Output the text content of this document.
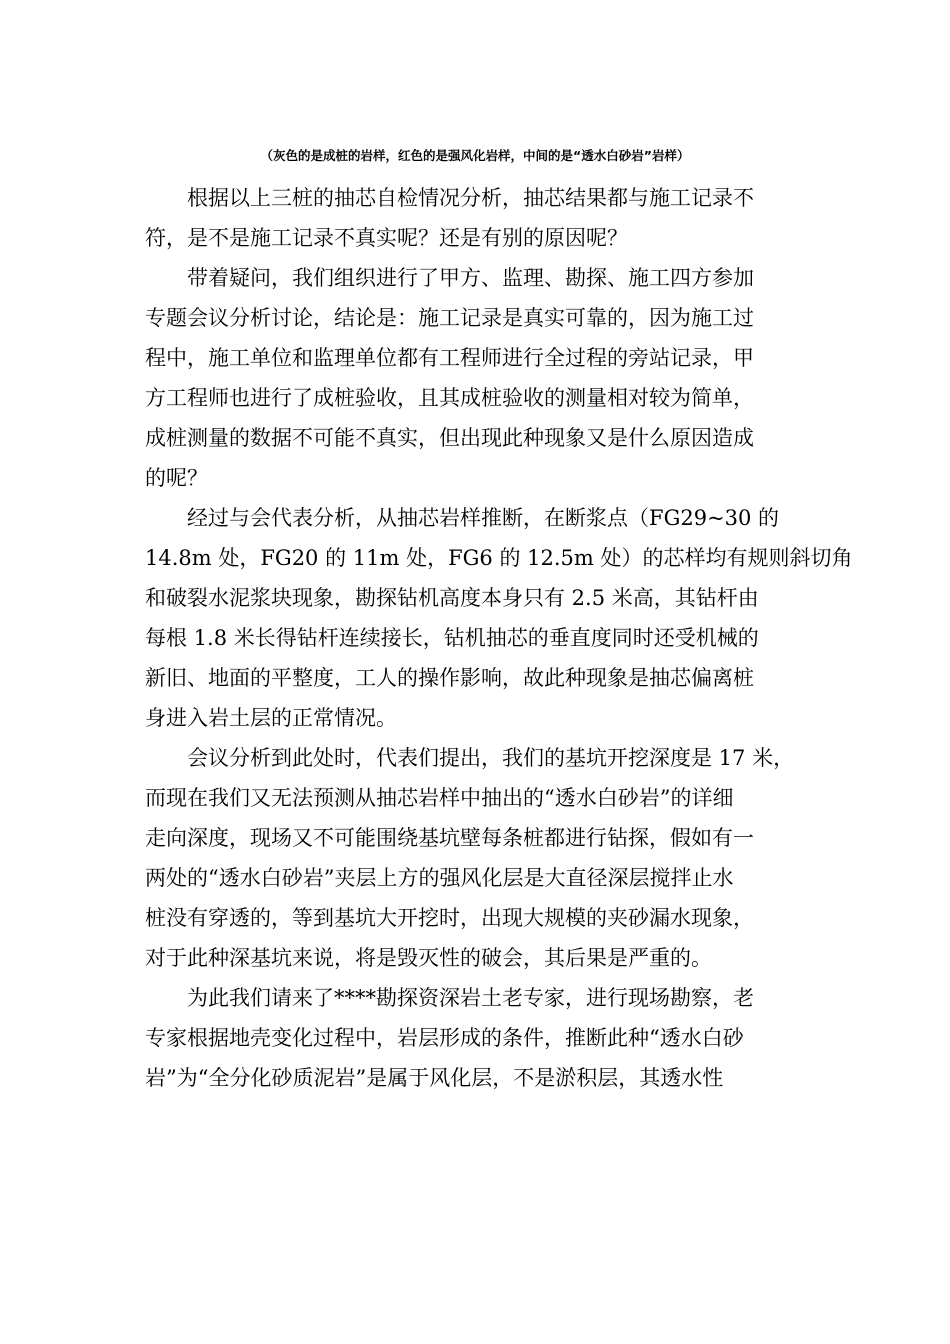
（灰色的是成桩的岩样，红色的是强风化岩样，中间的是“透水白砂岩”岩样）
根据以上三桩的抽芯自检情况分析，抽芯结果都与施工记录不
符，是不是施工记录不真实呢？还是有别的原因呢？
带着疑问，我们组织进行了甲方、监理、勘探、施工四方参加
专题会议分析讨论，结论是：施工记录是真实可靠的，因为施工过
程中，施工单位和监理单位都有工程师进行全过程的旁站记录，甲
方工程师也进行了成桩验收，且其成桩验收的测量相对较为简单，
成桩测量的数据不可能不真实，但出现此种现象又是什么原因造成
的呢？
经过与会代表分析，从抽芯岩样推断，在断浆点（FG29~30 的
14.8m 处，FG20 的 11m 处，FG6 的 12.5m 处）的芯样均有规则斜切角
和破裂水泥浆块现象，勘探钻机高度本身只有 2.5 米高，其钻杆由
每根 1.8 米长得钻杆连续接长，钻机抽芯的垂直度同时还受机械的
新旧、地面的平整度，工人的操作影响，故此种现象是抽芯偏离桩
身进入岩土层的正常情况。
会议分析到此处时，代表们提出，我们的基坑开挖深度是 17 米，
而现在我们又无法预测从抽芯岩样中抽出的“透水白砂岩”的详细
走向深度，现场又不可能围绕基坑壁每条桩都进行钻探，假如有一
两处的“透水白砂岩”夹层上方的强风化层是大直径深层搅拌止水
桩没有穿透的，等到基坑大开挖时，出现大规模的夹砂漏水现象，
对于此种深基坑来说，将是毁灭性的破会，其后果是严重的。
为此我们请来了****勘探资深岩土老专家，进行现场勘察，老
专家根据地壳变化过程中，岩层形成的条件，推断此种“透水白砂
岩”为“全分化砂质泥岩”是属于风化层，不是淤积层，其透水性
